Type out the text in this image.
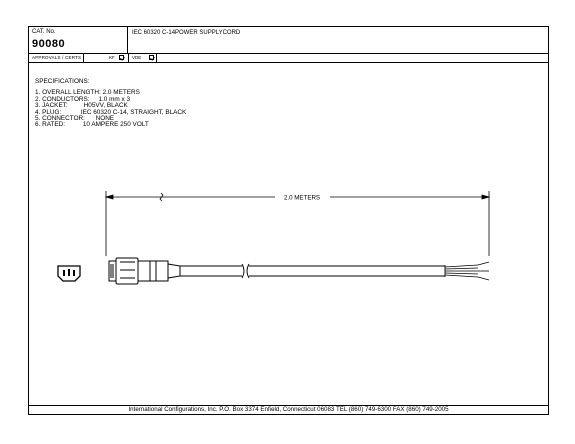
CAT. No.
90080
IEC 60320 C-14POWER SUPPLYCORD
APPROVALS / CERTS	KF	VDE
SPECIFICATIONS:
1. OVERALL LENGTH: 2.0 METERS
2. CONDUCTORS:     1.0 mm x 3
3. JACKET:         H05VV, BLACK
4. PLUG:           IEC 60320 C-14, STRAIGHT, BLACK
5. CONNECTOR:      NONE
6. RATED:          10 AMPERE 250 VOLT
International Configurations, Inc. P.O. Box 3374 Enfield, Connecticut 06083 TEL (860) 749-6300 FAX (860) 749-2005
2.0 METERS
